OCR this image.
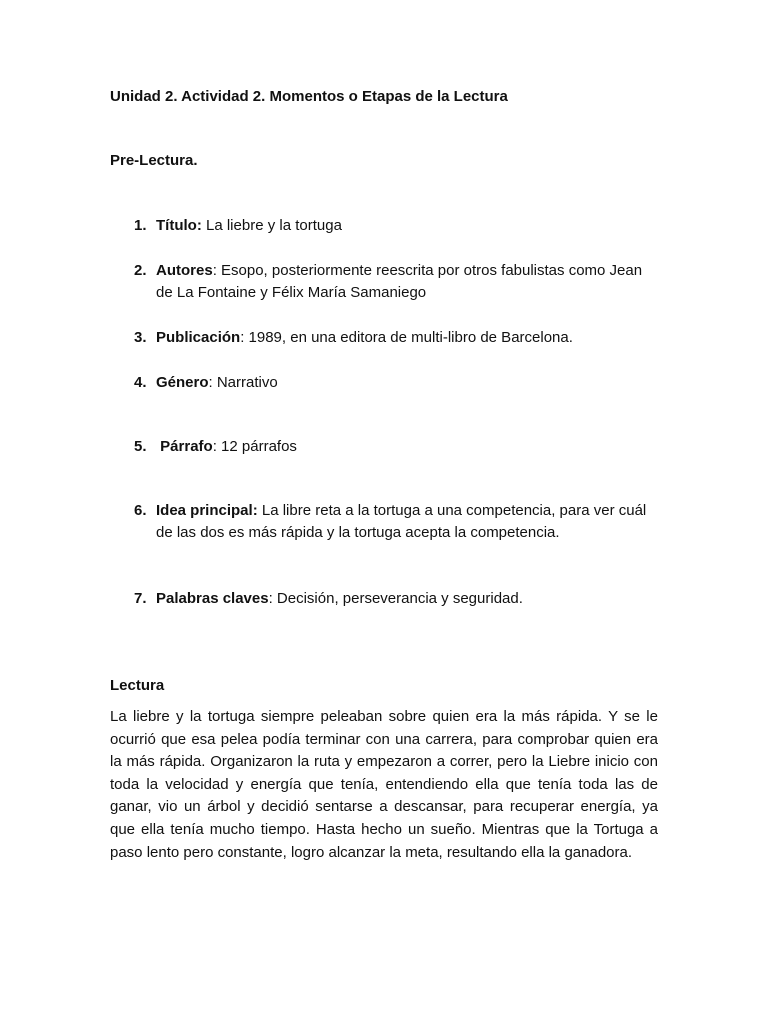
Unidad 2. Actividad 2. Momentos o Etapas de la Lectura
Pre-Lectura.
1. Título: La liebre y la tortuga
2. Autores: Esopo, posteriormente reescrita por otros fabulistas como Jean de La Fontaine y Félix María Samaniego
3. Publicación: 1989, en una editora de multi-libro de Barcelona.
4. Género: Narrativo
5. Párrafo: 12 párrafos
6. Idea principal: La libre reta a la tortuga a una competencia, para ver cuál de las dos es más rápida y la tortuga acepta la competencia.
7. Palabras claves: Decisión, perseverancia y seguridad.
Lectura
La liebre y la tortuga siempre peleaban sobre quien era la más rápida. Y se le ocurrió que esa pelea podía terminar con una carrera, para comprobar quien era la más rápida. Organizaron la ruta y empezaron a correr, pero la Liebre inicio con toda la velocidad y energía que tenía, entendiendo ella que tenía toda las de ganar, vio un árbol y decidió sentarse a descansar, para recuperar energía, ya que ella tenía mucho tiempo. Hasta hecho un sueño. Mientras que la Tortuga a paso lento pero constante, logro alcanzar la meta, resultando ella la ganadora.
